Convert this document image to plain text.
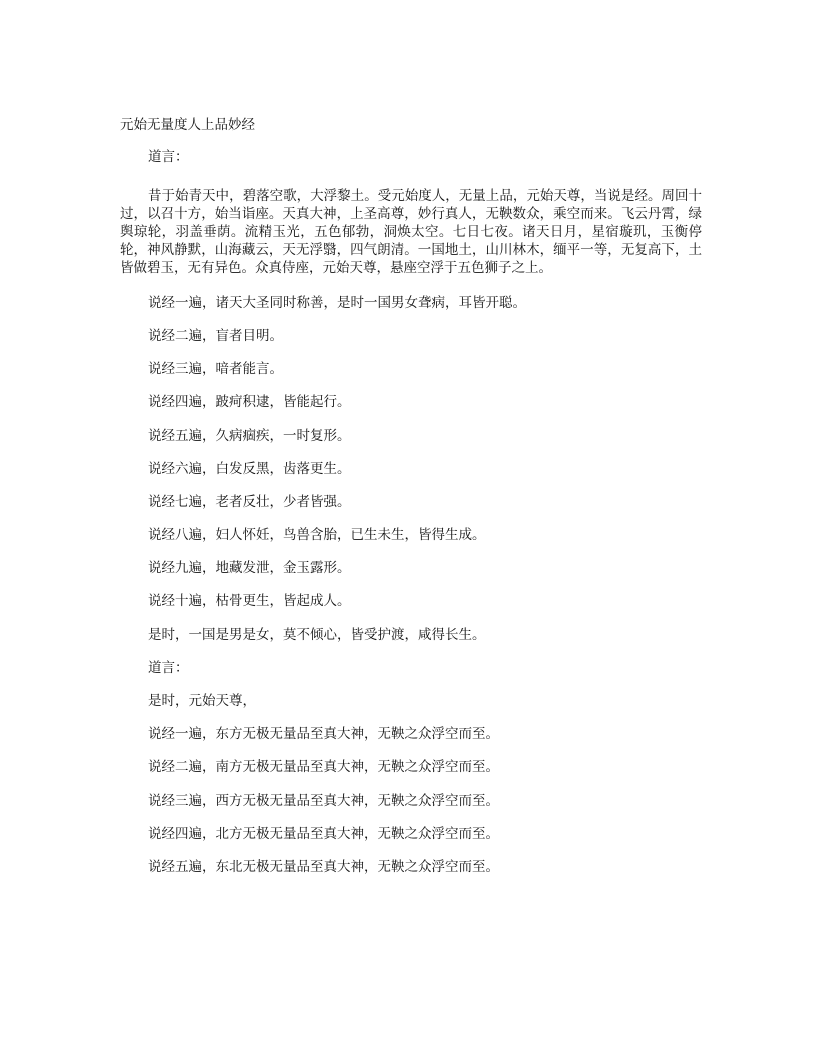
元始无量度人上品妙经
道言：
昔于始青天中，碧落空歌，大浮黎土。受元始度人，无量上品，元始天尊，当说是经。周回十过，以召十方，始当诣座。天真大神，上圣高尊，妙行真人，无鞅数众，乘空而来。飞云丹霄，绿舆琼轮，羽盖垂荫。流精玉光，五色郁勃，洞焕太空。七日七夜。诸天日月，星宿璇玑，玉衡停轮，神风静默，山海藏云，天无浮翳，四气朗清。一国地土，山川林木，缅平一等，无复高下，土皆做碧玉，无有异色。众真侍座，元始天尊，悬座空浮于五色狮子之上。
说经一遍，诸天大圣同时称善，是时一国男女聋病，耳皆开聪。
说经二遍，盲者目明。
说经三遍，喑者能言。
说经四遍，跛疴积逮，皆能起行。
说经五遍，久病痼疾，一时复形。
说经六遍，白发反黑，齿落更生。
说经七遍，老者反壮，少者皆强。
说经八遍，妇人怀妊，鸟兽含胎，已生未生，皆得生成。
说经九遍，地藏发泄，金玉露形。
说经十遍，枯骨更生，皆起成人。
是时，一国是男是女，莫不倾心，皆受护渡，咸得长生。
道言：
是时，元始天尊，
说经一遍，东方无极无量品至真大神，无鞅之众浮空而至。
说经二遍，南方无极无量品至真大神，无鞅之众浮空而至。
说经三遍，西方无极无量品至真大神，无鞅之众浮空而至。
说经四遍，北方无极无量品至真大神，无鞅之众浮空而至。
说经五遍，东北无极无量品至真大神，无鞅之众浮空而至。
